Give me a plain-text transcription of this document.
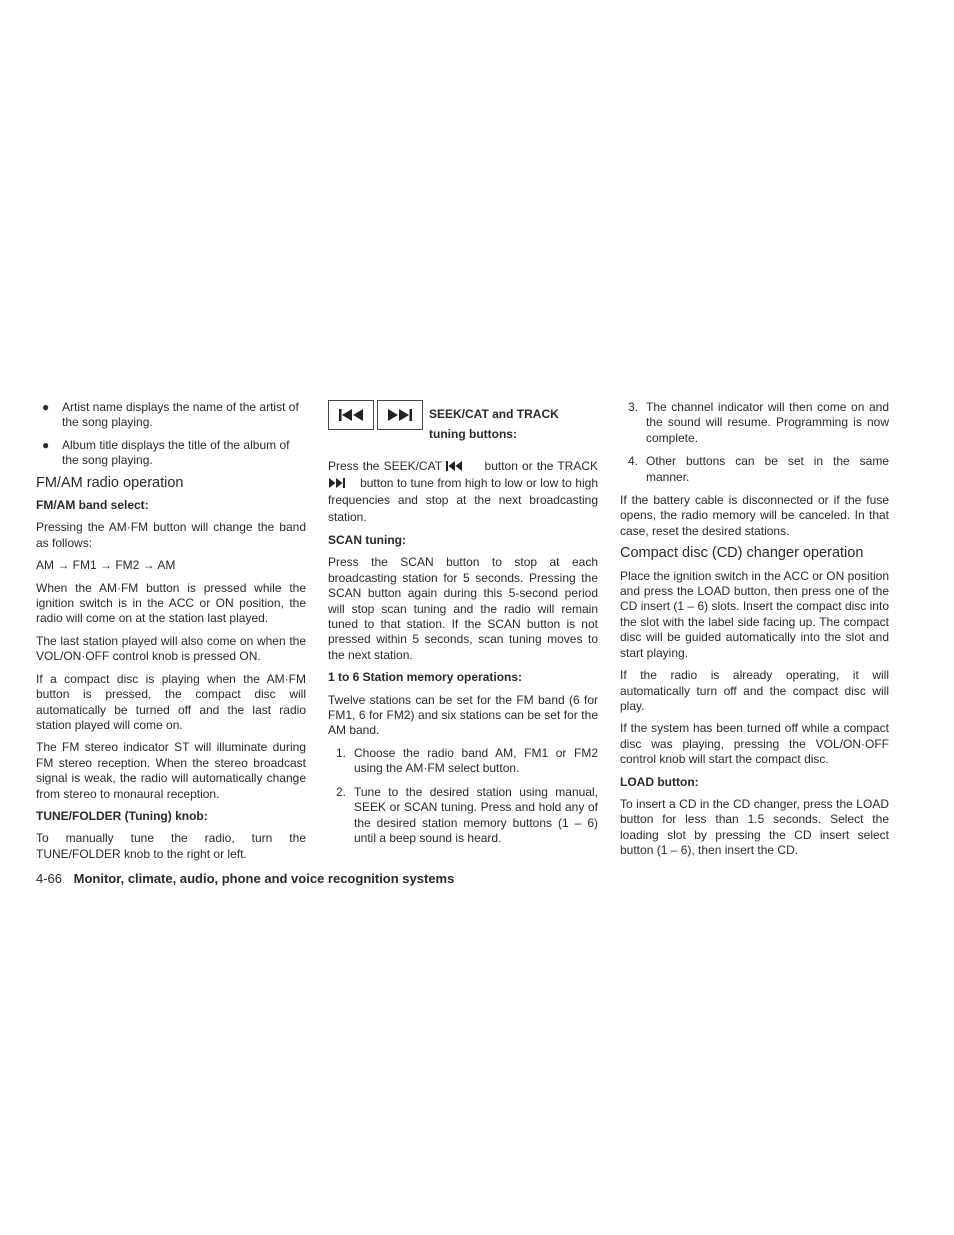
● Artist name displays the name of the artist of the song playing.
● Album title displays the title of the album of the song playing.
FM/AM radio operation
FM/AM band select:

Pressing the AM·FM button will change the band as follows:

AM → FM1 → FM2 → AM

When the AM·FM button is pressed while the ignition switch is in the ACC or ON position, the radio will come on at the station last played.

The last station played will also come on when the VOL/ON·OFF control knob is pressed ON.

If a compact disc is playing when the AM·FM button is pressed, the compact disc will automatically be turned off and the last radio station played will come on.

The FM stereo indicator ST will illuminate during FM stereo reception. When the stereo broadcast signal is weak, the radio will automatically change from stereo to monaural reception.

TUNE/FOLDER (Tuning) knob:

To manually tune the radio, turn the TUNE/FOLDER knob to the right or left.

SEEK/CAT and TRACK
tuning buttons:

Press the SEEK/CAT	button or the TRACK     button to tune from high to low or low to high frequencies and stop at the next broadcasting station.

SCAN tuning:

Press the SCAN button to stop at each broadcasting station for 5 seconds. Pressing the SCAN button again during this 5-second period will stop scan tuning and the radio will remain tuned to that station. If the SCAN button is not pressed within 5 seconds, scan tuning moves to the next station.

1 to 6 Station memory operations:

Twelve stations can be set for the FM band (6 for FM1, 6 for FM2) and six stations can be set for the AM band.

1. Choose the radio band AM, FM1 or FM2 using the AM·FM select button.
2. Tune to the desired station using manual, SEEK or SCAN tuning. Press and hold any of the desired station memory buttons (1 – 6) until a beep sound is heard.
3. The channel indicator will then come on and the sound will resume. Programming is now complete.
4. Other buttons can be set in the same manner.

If the battery cable is disconnected or if the fuse opens, the radio memory will be canceled. In that case, reset the desired stations.

Compact disc (CD) changer operation

Place the ignition switch in the ACC or ON position and press the LOAD button, then press one of the CD insert (1 – 6) slots. Insert the compact disc into the slot with the label side facing up. The compact disc will be guided automatically into the slot and start playing.

If the radio is already operating, it will automatically turn off and the compact disc will play.

If the system has been turned off while a compact disc was playing, pressing the VOL/ON·OFF control knob will start the compact disc.

LOAD button:

To insert a CD in the CD changer, press the LOAD button for less than 1.5 seconds. Select the loading slot by pressing the CD insert select button (1 – 6), then insert the CD.

4-66 Monitor, climate, audio, phone and voice recognition systems
